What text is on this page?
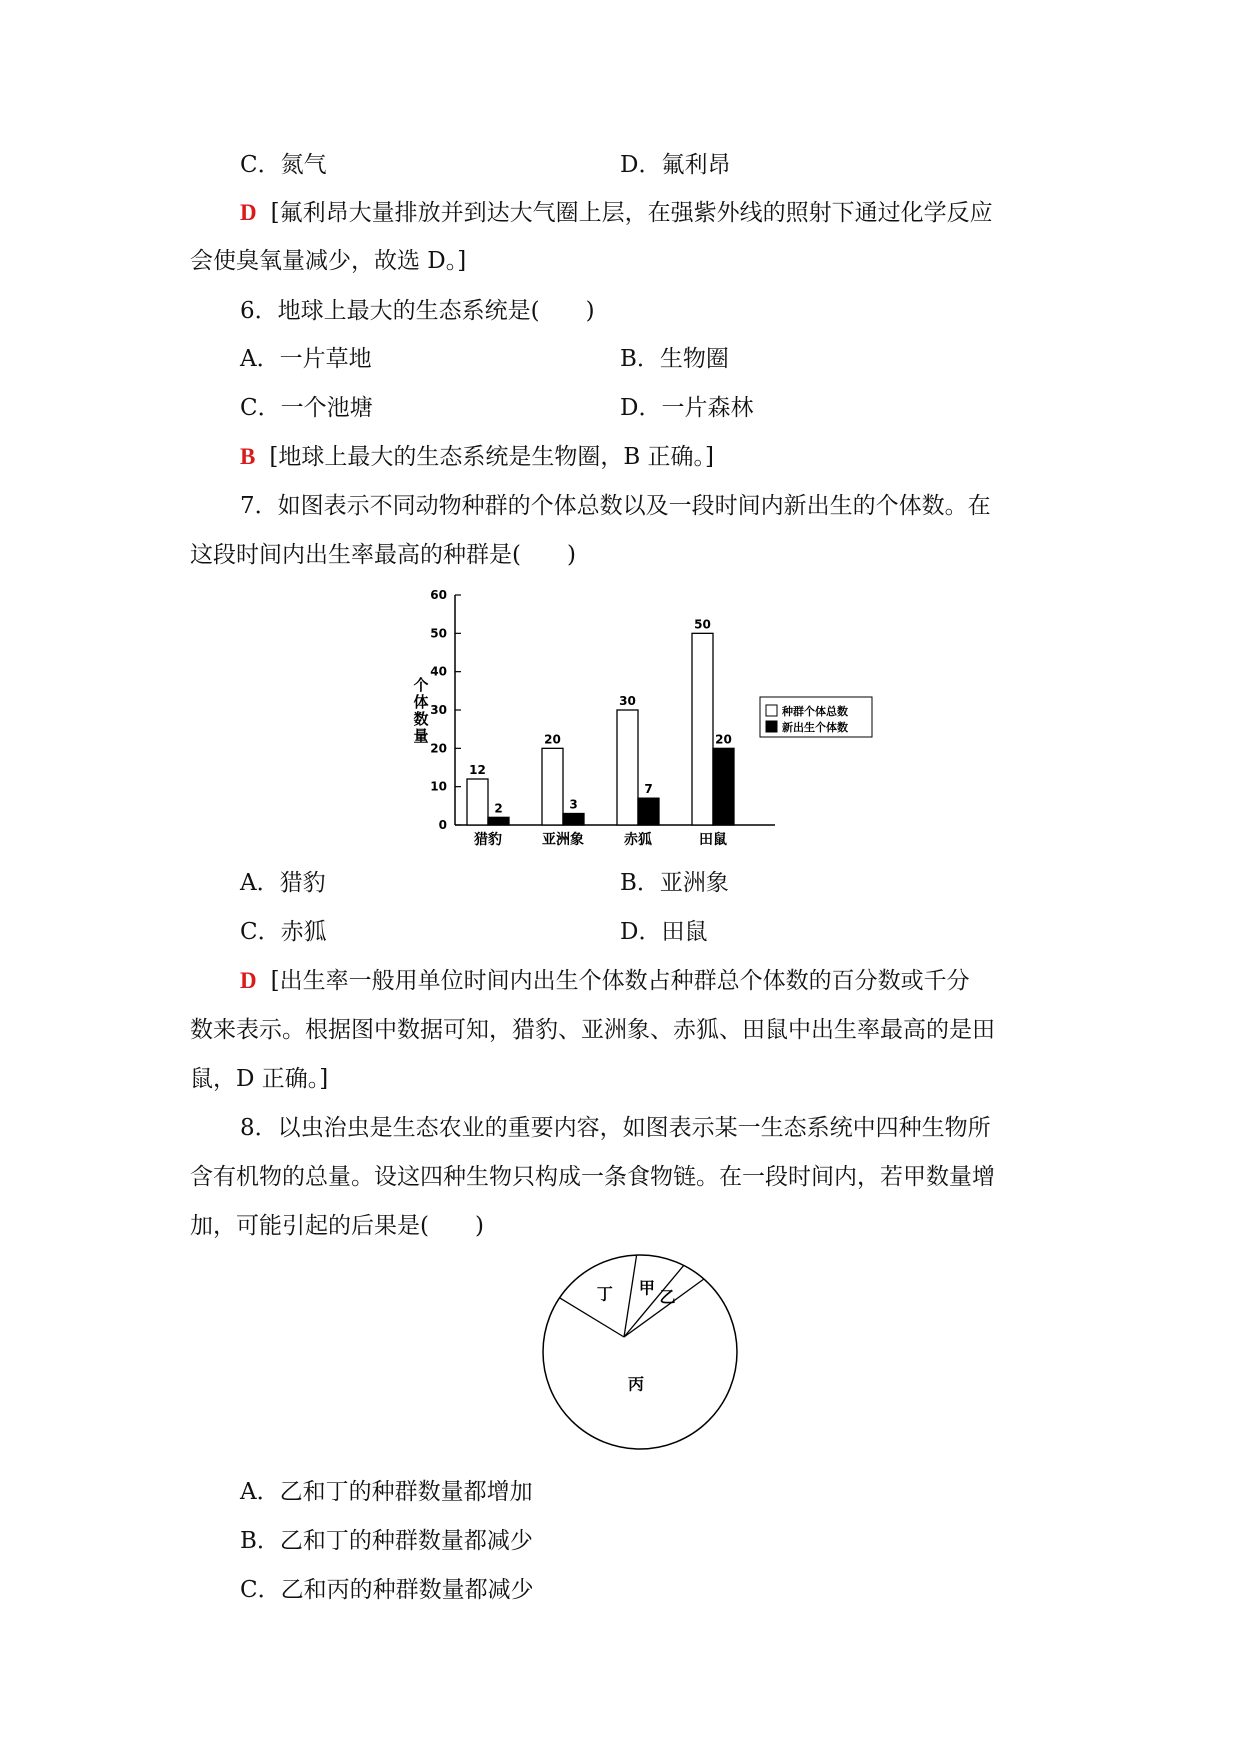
C．氮气	D．氟利昂
D [氟利昂大量排放并到达大气圈上层，在强紫外线的照射下通过化学反应
会使臭氧量减少，故选 D。]
6．地球上最大的生态系统是(　　)
A．一片草地	B．生物圈
C．一个池塘	D．一片森林
B [地球上最大的生态系统是生物圈，B 正确。]
7．如图表示不同动物种群的个体总数以及一段时间内新出生的个体数。在
这段时间内出生率最高的种群是(　　)
0
10
20
30
40
50
60
个
体
数
量
12
2
猎豹
20
3
亚洲象
30
7
赤狐
50
20
田鼠
种群个体总数
新出生个体数
A．猎豹	B．亚洲象
C．赤狐	D．田鼠
D [出生率一般用单位时间内出生个体数占种群总个体数的百分数或千分
数来表示。根据图中数据可知，猎豹、亚洲象、赤狐、田鼠中出生率最高的是田
鼠，D 正确。]
8．以虫治虫是生态农业的重要内容，如图表示某一生态系统中四种生物所
含有机物的总量。设这四种生物只构成一条食物链。在一段时间内，若甲数量增
加，可能引起的后果是(　　)
丁 甲 乙
丙
A．乙和丁的种群数量都增加
B．乙和丁的种群数量都减少
C．乙和丙的种群数量都减少
